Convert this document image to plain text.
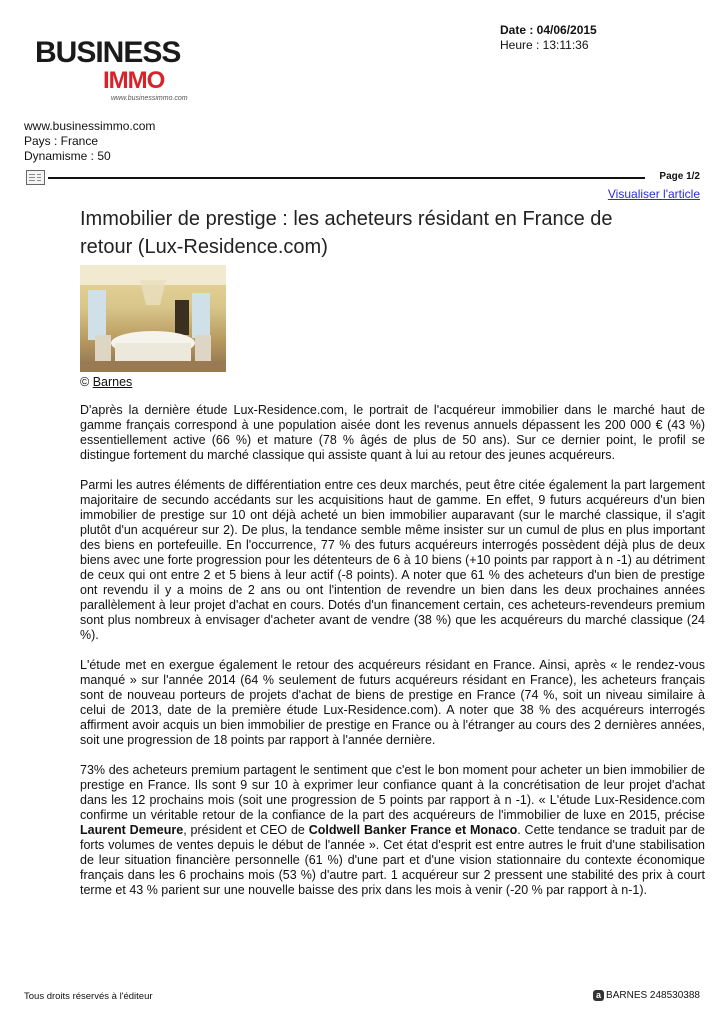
BUSINESS
IMMO
www.businessimmo.com
Date : 04/06/2015
Heure : 13:11:36
www.businessimmo.com
Pays : France
Dynamisme : 50
Page 1/2
Visualiser l'article
Immobilier de prestige : les acheteurs résidant en France de retour (Lux-Residence.com)
© Barnes

D'après la dernière étude Lux-Residence.com, le portrait de l'acquéreur immobilier dans le marché haut de gamme français correspond à une population aisée dont les revenus annuels dépassent les 200 000 € (43 %) essentiellement active (66 %) et mature (78 % âgés de plus de 50 ans). Sur ce dernier point, le profil se distingue fortement du marché classique qui assiste quant à lui au retour des jeunes acquéreurs.

Parmi les autres éléments de différentiation entre ces deux marchés, peut être citée également la part largement majoritaire de secundo accédants sur les acquisitions haut de gamme. En effet, 9 futurs acquéreurs d'un bien immobilier de prestige sur 10 ont déjà acheté un bien immobilier auparavant (sur le marché classique, il s'agit plutôt d'un acquéreur sur 2). De plus, la tendance semble même insister sur un cumul de plus en plus important des biens en portefeuille. En l'occurrence, 77 % des futurs acquéreurs interrogés possèdent déjà plus de deux biens avec une forte progression pour les détenteurs de 6 à 10 biens (+10 points par rapport à n -1) au détriment de ceux qui ont entre 2 et 5 biens à leur actif (-8 points). A noter que 61 % des acheteurs d'un bien de prestige ont revendu il y a moins de 2 ans ou ont l'intention de revendre un bien dans les deux prochaines années parallèlement à leur projet d'achat en cours. Dotés d'un financement certain, ces acheteurs-revendeurs premium sont plus nombreux à envisager d'acheter avant de vendre (38 %) que les acquéreurs du marché classique (24 %).

L'étude met en exergue également le retour des acquéreurs résidant en France. Ainsi, après « le rendez-vous manqué » sur l'année 2014 (64 % seulement de futurs acquéreurs résidant en France), les acheteurs français sont de nouveau porteurs de projets d'achat de biens de prestige en France (74 %, soit un niveau similaire à celui de 2013, date de la première étude Lux-Residence.com). A noter que 38 % des acquéreurs interrogés affirment avoir acquis un bien immobilier de prestige en France ou à l'étranger au cours des 2 dernières années, soit une progression de 18 points par rapport à l'année dernière.

73% des acheteurs premium partagent le sentiment que c'est le bon moment pour acheter un bien immobilier de prestige en France. Ils sont 9 sur 10 à exprimer leur confiance quant à la concrétisation de leur projet d'achat dans les 12 prochains mois (soit une progression de 5 points par rapport à n -1). « L'étude Lux-Residence.com confirme un véritable retour de la confiance de la part des acquéreurs de l'immobilier de luxe en 2015, précise Laurent Demeure, président et CEO de Coldwell Banker France et Monaco. Cette tendance se traduit par de forts volumes de ventes depuis le début de l'année ». Cet état d'esprit est entre autres le fruit d'une stabilisation de leur situation financière personnelle (61 %) d'une part et d'une vision stationnaire du contexte économique français dans les 6 prochains mois (53 %) d'autre part. 1 acquéreur sur 2 pressent une stabilité des prix à court terme et 43 % parient sur une nouvelle baisse des prix dans les mois à venir (-20 % par rapport à n-1).

Tous droits réservés à l'éditeur	a BARNES 248530388
